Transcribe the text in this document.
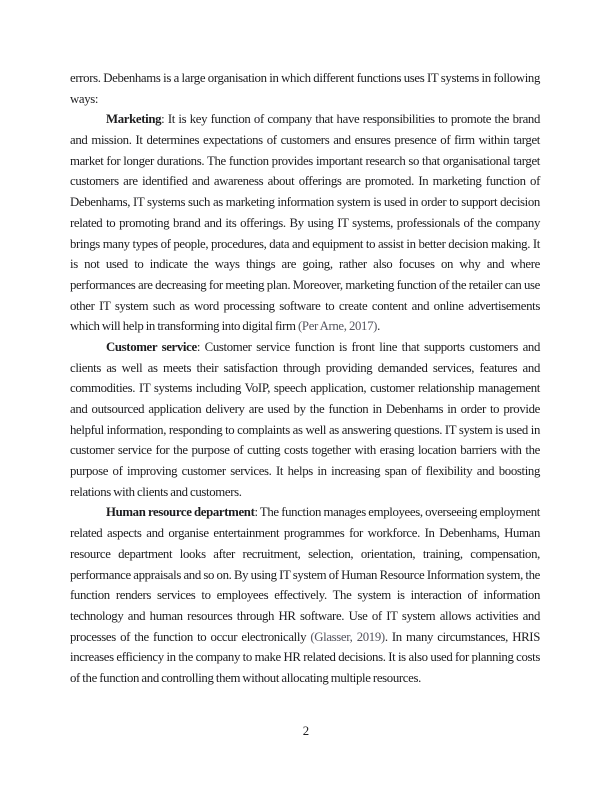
errors. Debenhams is a large organisation in which different functions uses IT systems in following ways:

Marketing: It is key function of company that have responsibilities to promote the brand and mission. It determines expectations of customers and ensures presence of firm within target market for longer durations. The function provides important research so that organisational target customers are identified and awareness about offerings are promoted. In marketing function of Debenhams, IT systems such as marketing information system is used in order to support decision related to promoting brand and its offerings. By using IT systems, professionals of the company brings many types of people, procedures, data and equipment to assist in better decision making. It is not used to indicate the ways things are going, rather also focuses on why and where performances are decreasing for meeting plan. Moreover, marketing function of the retailer can use other IT system such as word processing software to create content and online advertisements which will help in transforming into digital firm (Per Arne, 2017).

Customer service: Customer service function is front line that supports customers and clients as well as meets their satisfaction through providing demanded services, features and commodities. IT systems including VoIP, speech application, customer relationship management and outsourced application delivery are used by the function in Debenhams in order to provide helpful information, responding to complaints as well as answering questions. IT system is used in customer service for the purpose of cutting costs together with erasing location barriers with the purpose of improving customer services. It helps in increasing span of flexibility and boosting relations with clients and customers.

Human resource department: The function manages employees, overseeing employment related aspects and organise entertainment programmes for workforce. In Debenhams, Human resource department looks after recruitment, selection, orientation, training, compensation, performance appraisals and so on. By using IT system of Human Resource Information system, the function renders services to employees effectively. The system is interaction of information technology and human resources through HR software. Use of IT system allows activities and processes of the function to occur electronically (Glasser, 2019). In many circumstances, HRIS increases efficiency in the company to make HR related decisions. It is also used for planning costs of the function and controlling them without allocating multiple resources.

2
